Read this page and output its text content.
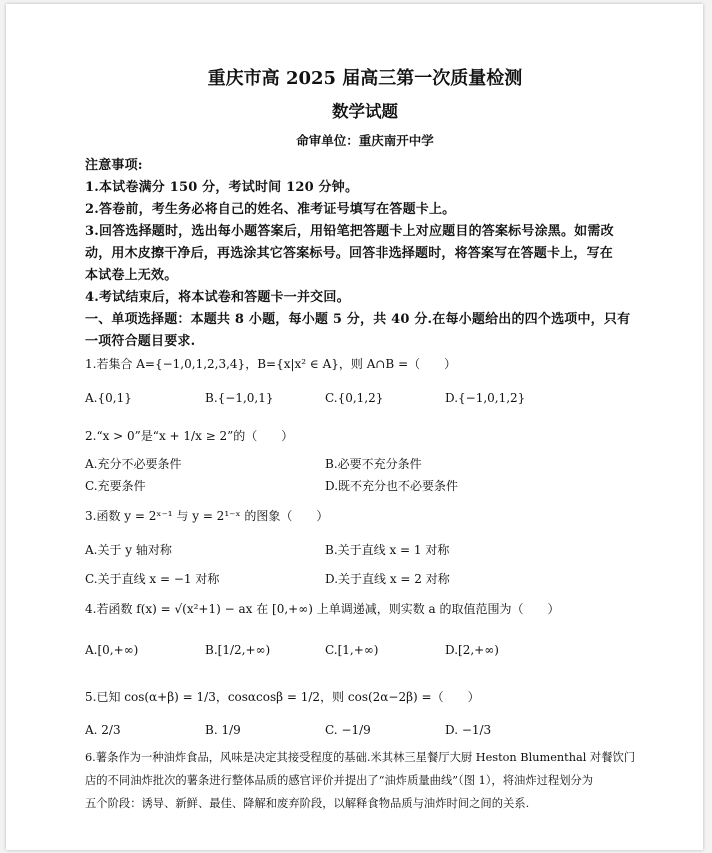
重庆市高 2025 届高三第一次质量检测
数学试题
命审单位：重庆南开中学
注意事项:
1.本试卷满分 150 分，考试时间 120 分钟。
2.答卷前，考生务必将自己的姓名、准考证号填写在答题卡上。
3.回答选择题时，选出每小题答案后，用铅笔把答题卡上对应题目的答案标号涂黑。如需改
动，用木皮擦干净后，再选涂其它答案标号。回答非选择题时，将答案写在答题卡上，写在
本试卷上无效。
4.考试结束后，将本试卷和答题卡一并交回。
一、单项选择题：本题共 8 小题，每小题 5 分，共 40 分.在每小题给出的四个选项中，只有
一项符合题目要求.
1.若集合 A={−1,0,1,2,3,4}，B={x|x² ∈ A}，则 A∩B =（　　）
A.{0,1}	B.{−1,0,1}	C.{0,1,2}	D.{−1,0,1,2}
2.“x > 0”是“x + 1/x ≥ 2”的（　　）
A.充分不必要条件	B.必要不充分条件
C.充要条件	D.既不充分也不必要条件
3.函数 y = 2ˣ⁻¹ 与 y = 2¹⁻ˣ 的图象（　　）
A.关于 y 轴对称	B.关于直线 x = 1 对称
C.关于直线 x = −1 对称	D.关于直线 x = 2 对称
4.若函数 f(x) = √(x²+1) − ax 在 [0,+∞) 上单调递减，则实数 a 的取值范围为（　　）
A.[0,+∞)	B.[1/2,+∞)	C.[1,+∞)	D.[2,+∞)
5.已知 cos(α+β) = 1/3，cosαcosβ = 1/2，则 cos(2α−2β) =（　　）
A. 2/3	B. 1/9	C. −1/9	D. −1/3
6.薯条作为一种油炸食品，风味是决定其接受程度的基础.米其林三星餐厅大厨 Heston Blumenthal 对餐饮门
店的不同油炸批次的薯条进行整体品质的感官评价并提出了“油炸质量曲线”（图 1），将油炸过程划分为
五个阶段：诱导、新鲜、最佳、降解和废弃阶段，以解释食物品质与油炸时间之间的关系.
